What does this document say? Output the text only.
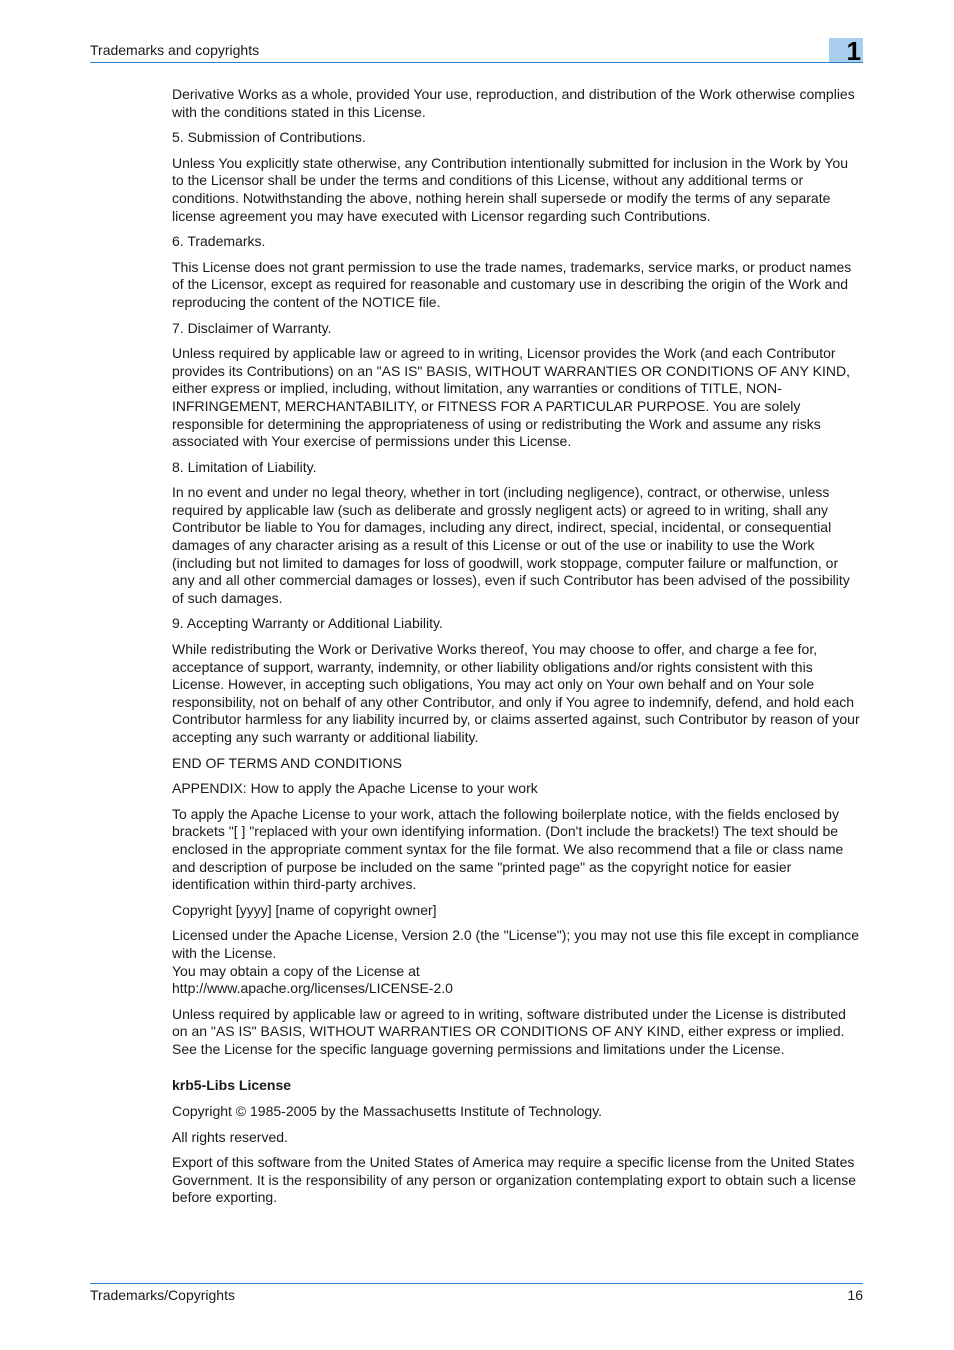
Trademarks and copyrights	1

Derivative Works as a whole, provided Your use, reproduction, and distribution of the Work otherwise complies with the conditions stated in this License.

5. Submission of Contributions.

Unless You explicitly state otherwise, any Contribution intentionally submitted for inclusion in the Work by You to the Licensor shall be under the terms and conditions of this License, without any additional terms or conditions. Notwithstanding the above, nothing herein shall supersede or modify the terms of any separate license agreement you may have executed with Licensor regarding such Contributions.

6. Trademarks.

This License does not grant permission to use the trade names, trademarks, service marks, or product names of the Licensor, except as required for reasonable and customary use in describing the origin of the Work and reproducing the content of the NOTICE file.

7. Disclaimer of Warranty.

Unless required by applicable law or agreed to in writing, Licensor provides the Work (and each Contributor provides its Contributions) on an "AS IS" BASIS, WITHOUT WARRANTIES OR CONDITIONS OF ANY KIND, either express or implied, including, without limitation, any warranties or conditions of TITLE, NON-INFRINGEMENT, MERCHANTABILITY, or FITNESS FOR A PARTICULAR PURPOSE. You are solely responsible for determining the appropriateness of using or redistributing the Work and assume any risks associated with Your exercise of permissions under this License.

8. Limitation of Liability.

In no event and under no legal theory, whether in tort (including negligence), contract, or otherwise, unless required by applicable law (such as deliberate and grossly negligent acts) or agreed to in writing, shall any Contributor be liable to You for damages, including any direct, indirect, special, incidental, or consequential damages of any character arising as a result of this License or out of the use or inability to use the Work (including but not limited to damages for loss of goodwill, work stoppage, computer failure or malfunction, or any and all other commercial damages or losses), even if such Contributor has been advised of the possibility of such damages.

9. Accepting Warranty or Additional Liability.

While redistributing the Work or Derivative Works thereof, You may choose to offer, and charge a fee for, acceptance of support, warranty, indemnity, or other liability obligations and/or rights consistent with this License. However, in accepting such obligations, You may act only on Your own behalf and on Your sole responsibility, not on behalf of any other Contributor, and only if You agree to indemnify, defend, and hold each Contributor harmless for any liability incurred by, or claims asserted against, such Contributor by reason of your accepting any such warranty or additional liability.

END OF TERMS AND CONDITIONS

APPENDIX: How to apply the Apache License to your work

To apply the Apache License to your work, attach the following boilerplate notice, with the fields enclosed by brackets "[ ] "replaced with your own identifying information. (Don't include the brackets!) The text should be enclosed in the appropriate comment syntax for the file format. We also recommend that a file or class name and description of purpose be included on the same "printed page" as the copyright notice for easier identification within third-party archives.

Copyright [yyyy] [name of copyright owner]

Licensed under the Apache License, Version 2.0 (the "License"); you may not use this file except in compliance with the License.
You may obtain a copy of the License at
http://www.apache.org/licenses/LICENSE-2.0

Unless required by applicable law or agreed to in writing, software distributed under the License is distributed on an "AS IS" BASIS, WITHOUT WARRANTIES OR CONDITIONS OF ANY KIND, either express or implied. See the License for the specific language governing permissions and limitations under the License.

krb5-Libs License

Copyright © 1985-2005 by the Massachusetts Institute of Technology.

All rights reserved.

Export of this software from the United States of America may require a specific license from the United States Government. It is the responsibility of any person or organization contemplating export to obtain such a license before exporting.

Trademarks/Copyrights	16
